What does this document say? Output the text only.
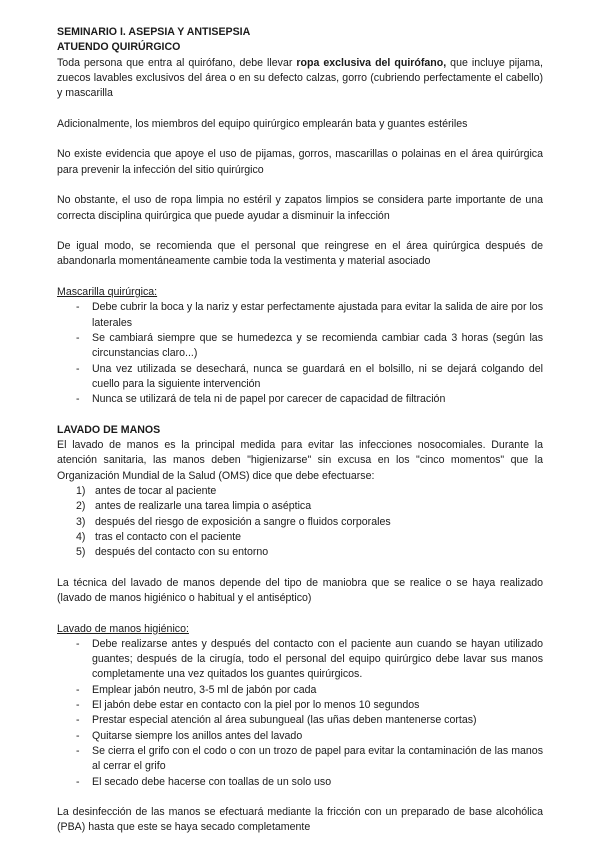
SEMINARIO I. ASEPSIA Y ANTISEPSIA

ATUENDO QUIRÚRGICO

Toda persona que entra al quirófano, debe llevar ropa exclusiva del quirófano, que incluye pijama, zuecos lavables exclusivos del área o en su defecto calzas, gorro (cubriendo perfectamente el cabello) y mascarilla

Adicionalmente, los miembros del equipo quirúrgico emplearán bata y guantes estériles

No existe evidencia que apoye el uso de pijamas, gorros, mascarillas o polainas en el área quirúrgica para prevenir la infección del sitio quirúrgico

No obstante, el uso de ropa limpia no estéril y zapatos limpios se considera parte importante de una correcta disciplina quirúrgica que puede ayudar a disminuir la infección

De igual modo, se recomienda que el personal que reingrese en el área quirúrgica después de abandonarla momentáneamente cambie toda la vestimenta y material asociado

Mascarilla quirúrgica:

- Debe cubrir la boca y la nariz y estar perfectamente ajustada para evitar la salida de aire por los laterales
- Se cambiará siempre que se humedezca y se recomienda cambiar cada 3 horas (según las circunstancias claro...)
- Una vez utilizada se desechará, nunca se guardará en el bolsillo, ni se dejará colgando del cuello para la siguiente intervención
- Nunca se utilizará de tela ni de papel por carecer de capacidad de filtración

LAVADO DE MANOS

El lavado de manos es la principal medida para evitar las infecciones nosocomiales. Durante la atención sanitaria, las manos deben "higienizarse" sin excusa en los "cinco momentos" que la Organización Mundial de la Salud (OMS) dice que debe efectuarse:

1) antes de tocar al paciente
2) antes de realizarle una tarea limpia o aséptica
3) después del riesgo de exposición a sangre o fluidos corporales
4) tras el contacto con el paciente
5) después del contacto con su entorno

La técnica del lavado de manos depende del tipo de maniobra que se realice o se haya realizado (lavado de manos higiénico o habitual y el antiséptico)

Lavado de manos higiénico:

- Debe realizarse antes y después del contacto con el paciente aun cuando se hayan utilizado guantes; después de la cirugía, todo el personal del equipo quirúrgico debe lavar sus manos completamente una vez quitados los guantes quirúrgicos.
- Emplear jabón neutro, 3-5 ml de jabón por cada
- El jabón debe estar en contacto con la piel por lo menos 10 segundos
- Prestar especial atención al área subungueal (las uñas deben mantenerse cortas)
- Quitarse siempre los anillos antes del lavado
- Se cierra el grifo con el codo o con un trozo de papel para evitar la contaminación de las manos al cerrar el grifo
- El secado debe hacerse con toallas de un solo uso

La desinfección de las manos se efectuará mediante la fricción con un preparado de base alcohólica (PBA) hasta que este se haya secado completamente
